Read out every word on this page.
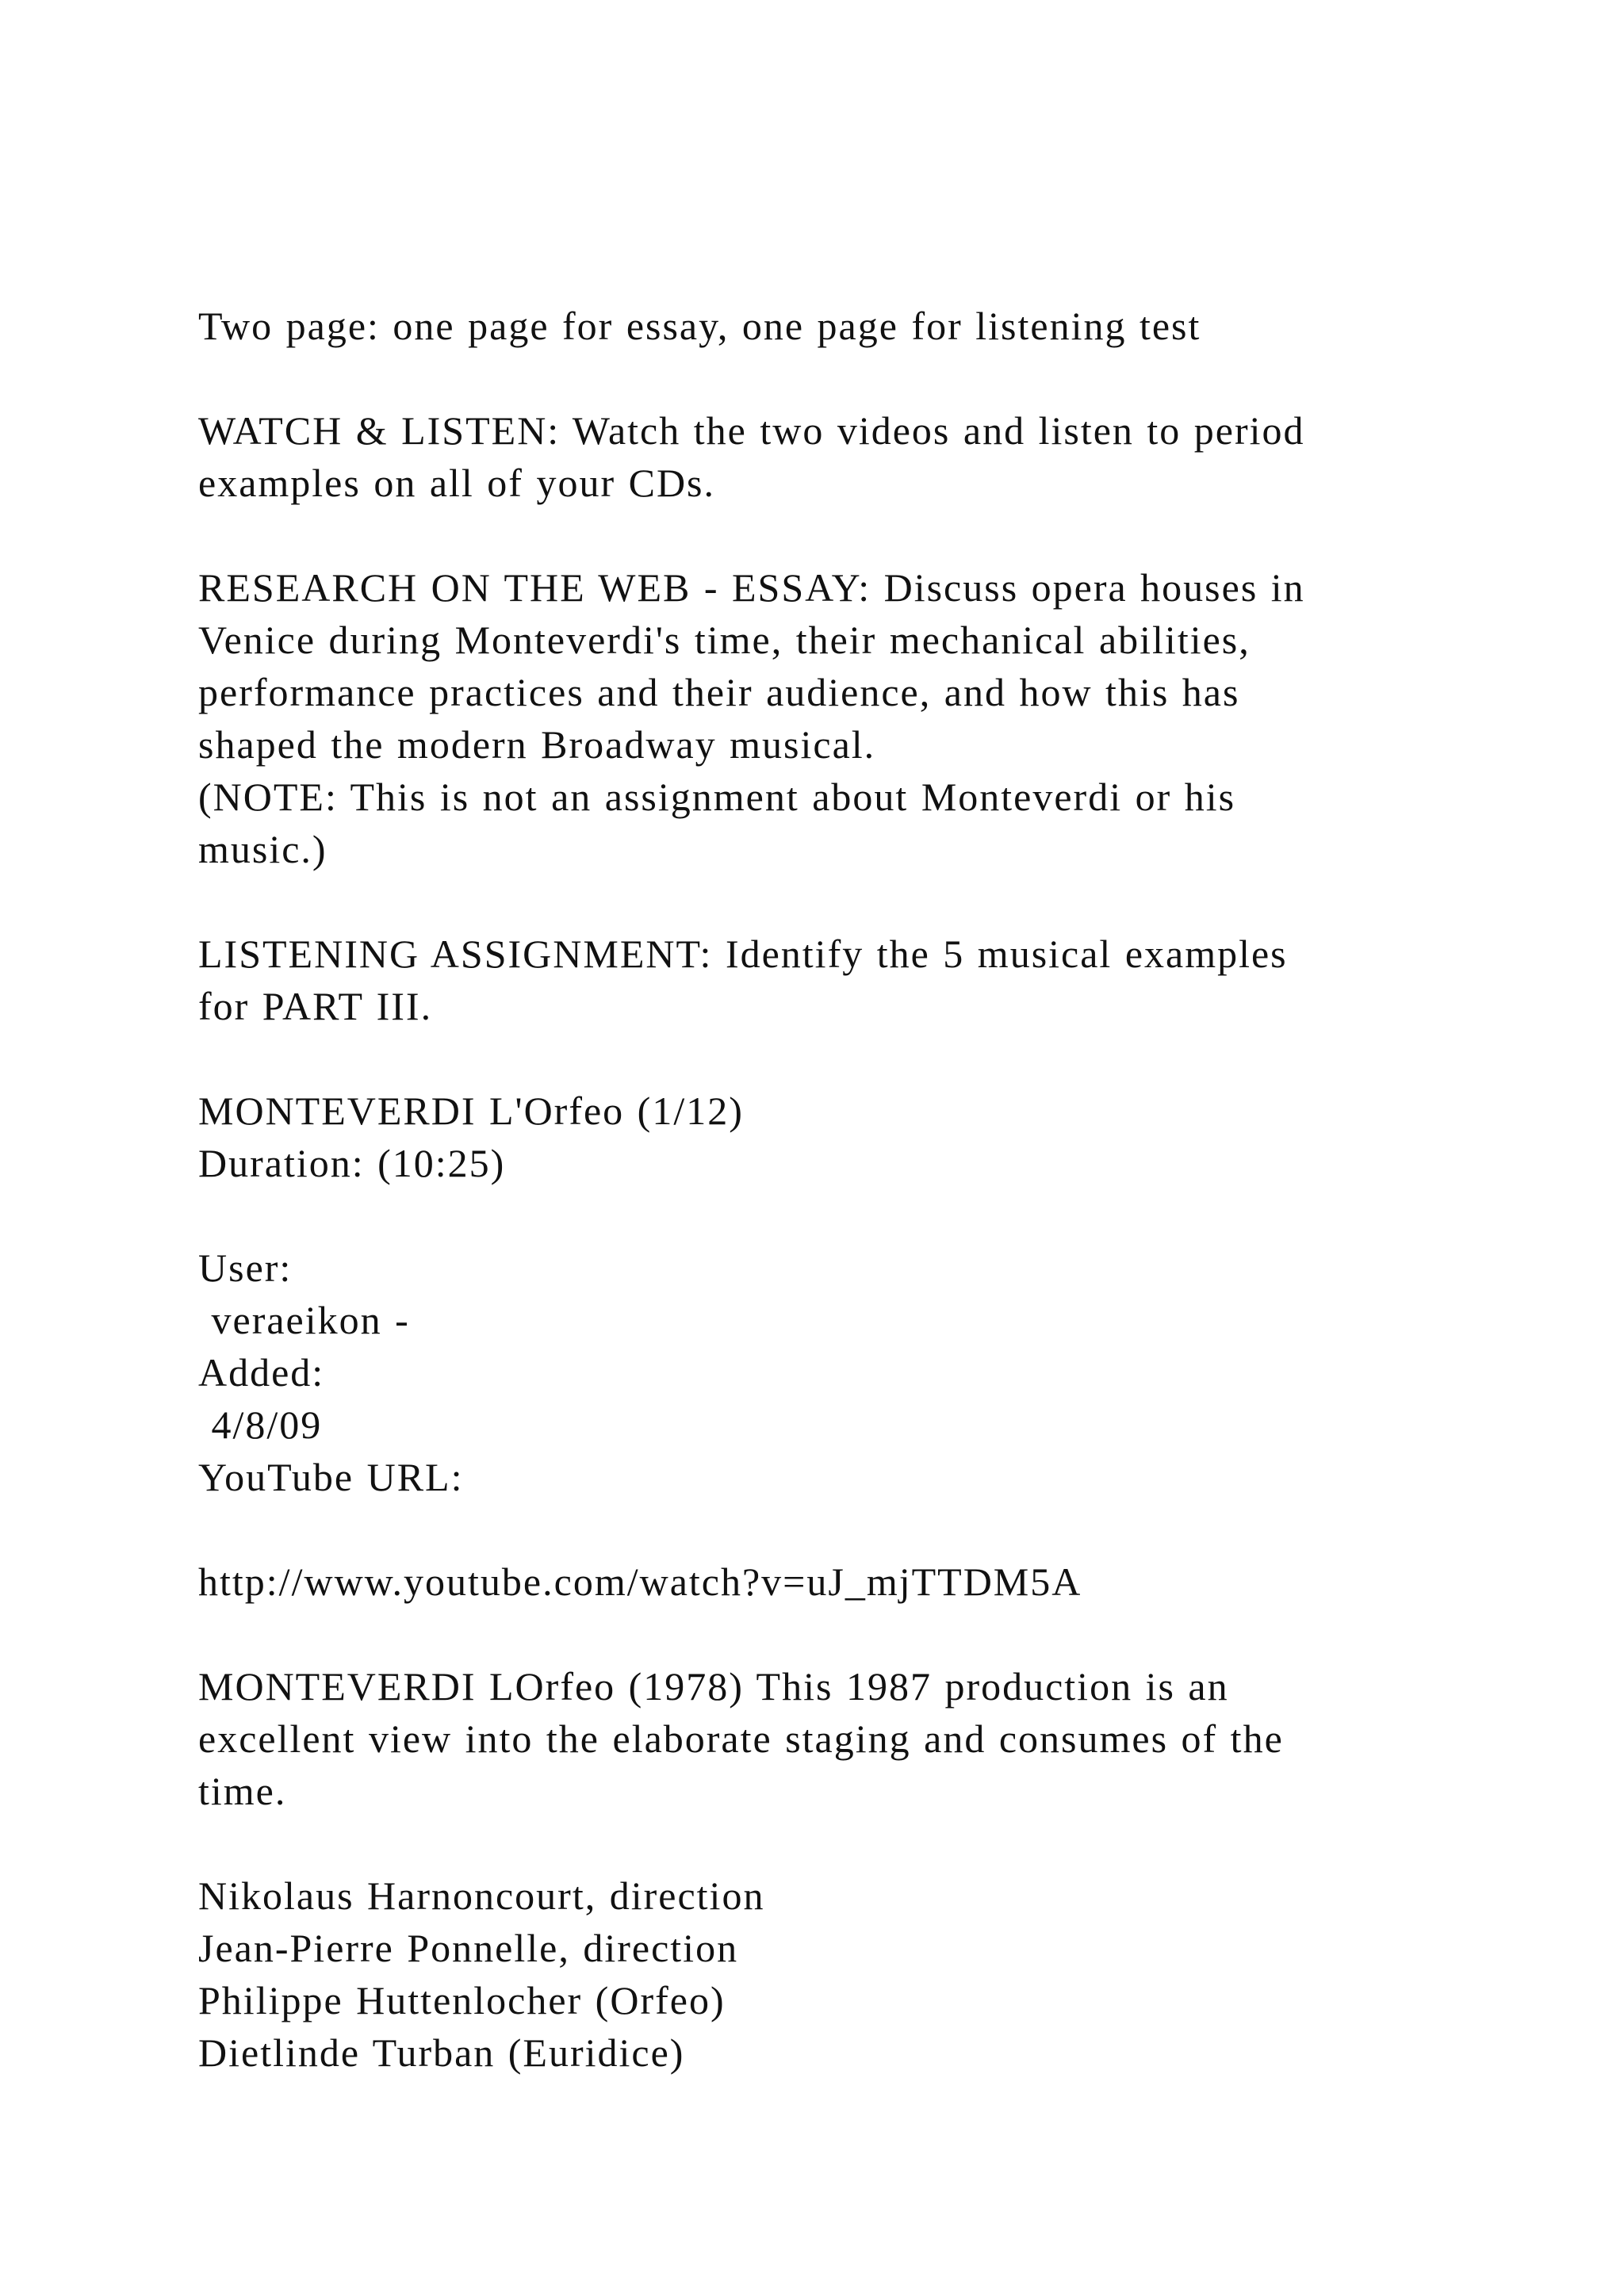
Two page: one page for essay, one page for listening test
WATCH & LISTEN: Watch the two videos and listen to period
examples on all of your CDs.
RESEARCH ON THE WEB - ESSAY: Discuss opera houses in
Venice during Monteverdi's time, their mechanical abilities,
performance practices and their audience, and how this has
shaped the modern Broadway musical.
(NOTE: This is not an assignment about Monteverdi or his
music.)
LISTENING ASSIGNMENT: Identify the 5 musical examples
for PART III.
MONTEVERDI L'Orfeo (1/12)
Duration: (10:25)
User:
veraeikon -
Added:
4/8/09
YouTube URL:
http://www.youtube.com/watch?v=uJ_mjTTDM5A
MONTEVERDI LOrfeo (1978) This 1987 production is an
excellent view into the elaborate staging and consumes of the
time.
Nikolaus Harnoncourt, direction
Jean-Pierre Ponnelle, direction
Philippe Huttenlocher (Orfeo)
Dietlinde Turban (Euridice)
